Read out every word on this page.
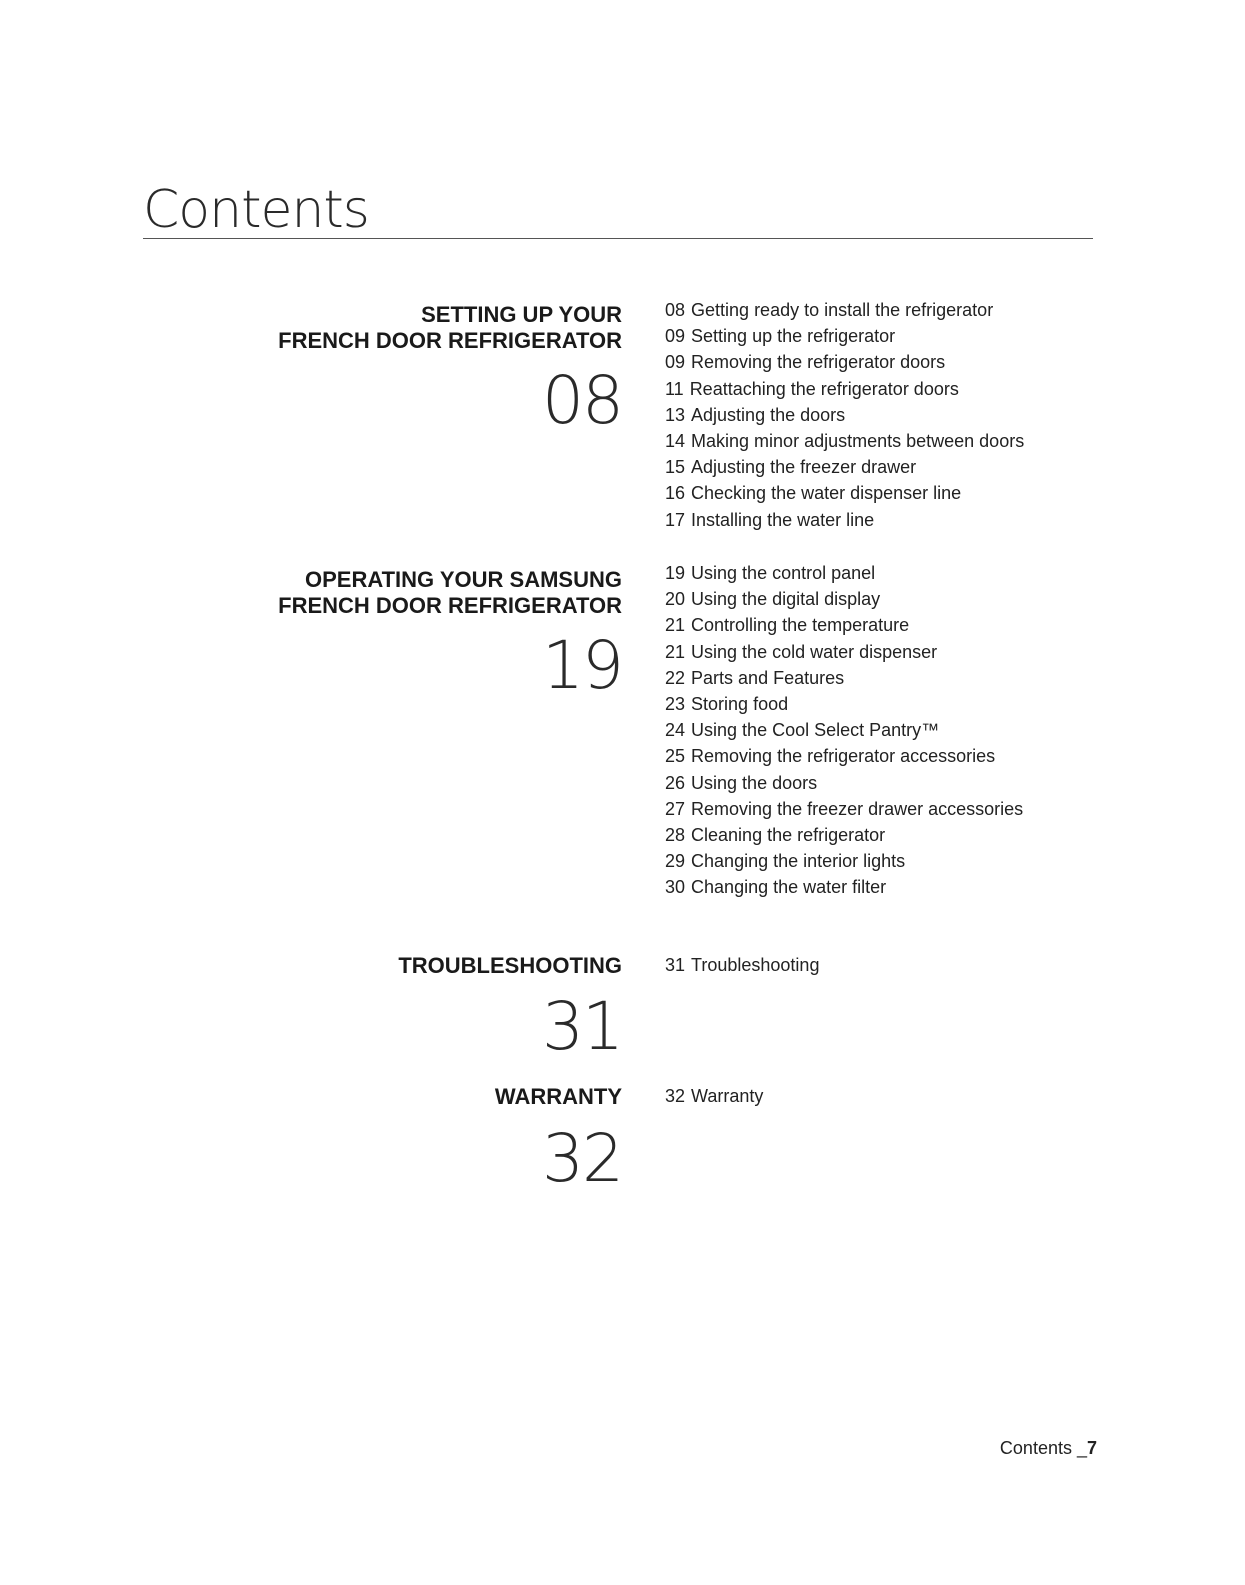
Contents
SETTING UP YOUR
FRENCH DOOR REFRIGERATOR
08
08 Getting ready to install the refrigerator
09 Setting up the refrigerator
09 Removing the refrigerator doors
11 Reattaching the refrigerator doors
13 Adjusting the doors
14 Making minor adjustments between doors
15 Adjusting the freezer drawer
16 Checking the water dispenser line
17 Installing the water line
OPERATING YOUR SAMSUNG
FRENCH DOOR REFRIGERATOR
19
19 Using the control panel
20 Using the digital display
21 Controlling the temperature
21 Using the cold water dispenser
22 Parts and Features
23 Storing food
24 Using the Cool Select Pantry™
25 Removing the refrigerator accessories
26 Using the doors
27 Removing the freezer drawer accessories
28 Cleaning the refrigerator
29 Changing the interior lights
30 Changing the water filter
TROUBLESHOOTING
31
31 Troubleshooting
WARRANTY
32
32 Warranty
Contents _7
